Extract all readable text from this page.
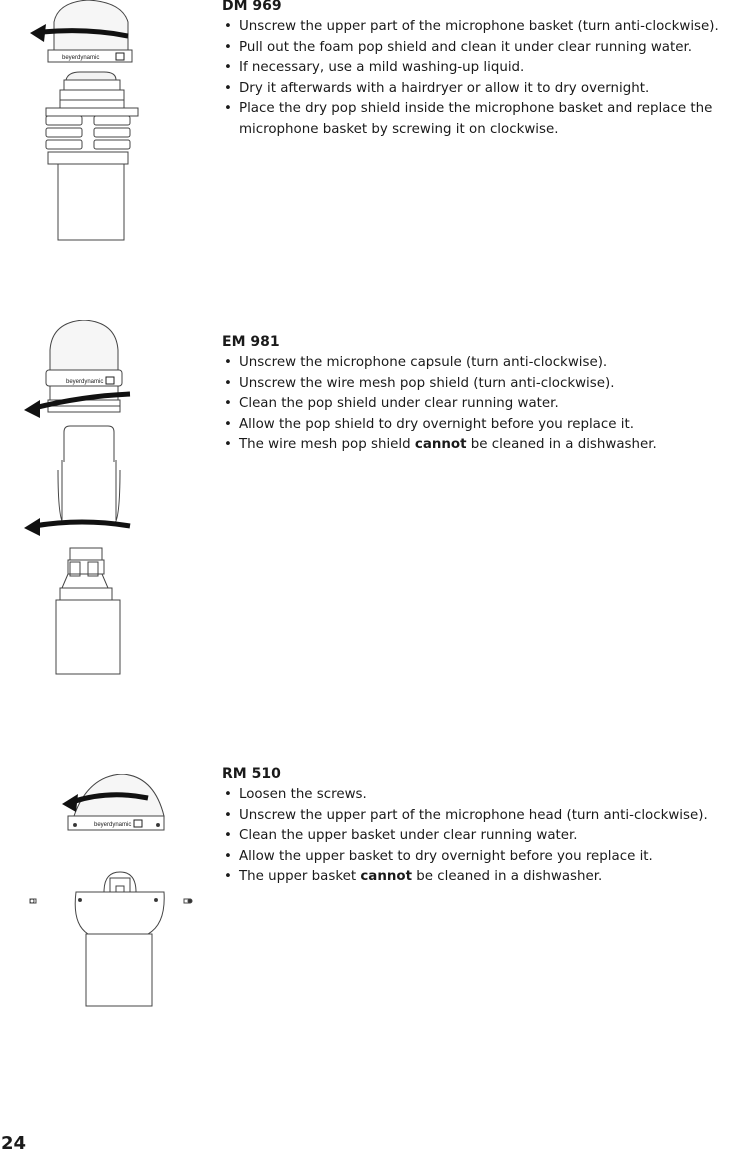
beyerdynamic
DM 969
• Unscrew the upper part of the microphone basket (turn anti-clockwise).
• Pull out the foam pop shield and clean it under clear running water.
• If necessary, use a mild washing-up liquid.
• Dry it afterwards with a hairdryer or allow it to dry overnight.
• Place the dry pop shield inside the microphone basket and replace the microphone basket by screwing it on clockwise.
beyerdynamic
EM 981
• Unscrew the microphone capsule (turn anti-clockwise).
• Unscrew the wire mesh pop shield (turn anti-clockwise).
• Clean the pop shield under clear running water.
• Allow the pop shield to dry overnight before you replace it.
• The wire mesh pop shield cannot be cleaned in a dishwasher.
beyerdynamic
RM 510
• Loosen the screws.
• Unscrew the upper part of the microphone head (turn anti-clockwise).
• Clean the upper basket under clear running water.
• Allow the upper basket to dry overnight before you replace it.
• The upper basket cannot be cleaned in a dishwasher.
24
